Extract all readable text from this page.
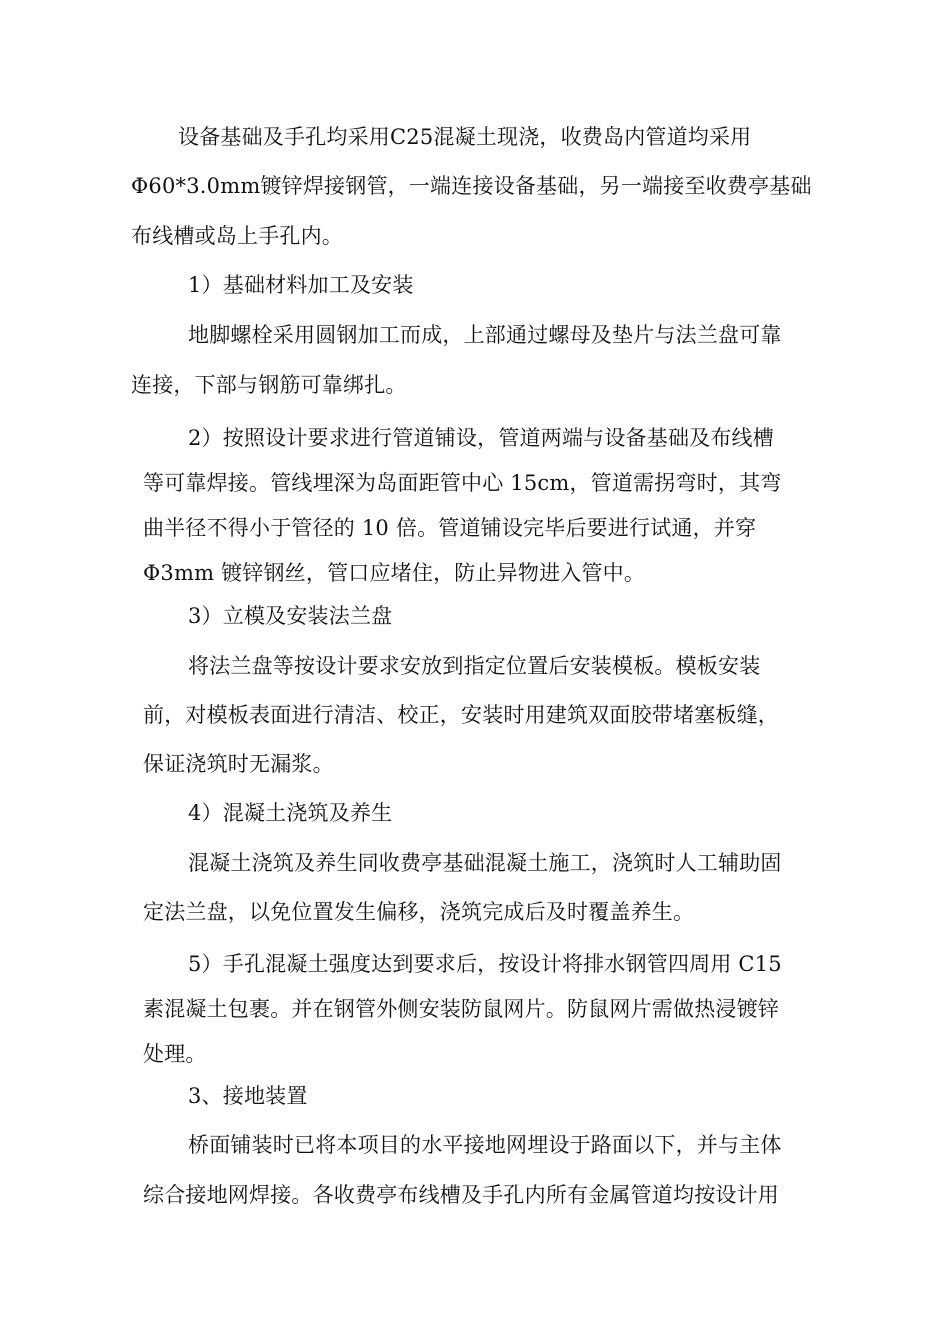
设备基础及手孔均采用C25混凝土现浇，收费岛内管道均采用
Φ60*3.0mm镀锌焊接钢管，一端连接设备基础，另一端接至收费亭基础
布线槽或岛上手孔内。
1）基础材料加工及安装
地脚螺栓采用圆钢加工而成，上部通过螺母及垫片与法兰盘可靠
连接，下部与钢筋可靠绑扎。
2）按照设计要求进行管道铺设，管道两端与设备基础及布线槽
等可靠焊接。管线埋深为岛面距管中心 15cm，管道需拐弯时，其弯
曲半径不得小于管径的 10 倍。管道铺设完毕后要进行试通，并穿
Φ3mm 镀锌钢丝，管口应堵住，防止异物进入管中。
3）立模及安装法兰盘
将法兰盘等按设计要求安放到指定位置后安装模板。模板安装
前，对模板表面进行清洁、校正，安装时用建筑双面胶带堵塞板缝，
保证浇筑时无漏浆。
4）混凝土浇筑及养生
混凝土浇筑及养生同收费亭基础混凝土施工，浇筑时人工辅助固
定法兰盘，以免位置发生偏移，浇筑完成后及时覆盖养生。
5）手孔混凝土强度达到要求后，按设计将排水钢管四周用 C15
素混凝土包裹。并在钢管外侧安装防鼠网片。防鼠网片需做热浸镀锌
处理。
3、接地装置
桥面铺装时已将本项目的水平接地网埋设于路面以下，并与主体
综合接地网焊接。各收费亭布线槽及手孔内所有金属管道均按设计用
